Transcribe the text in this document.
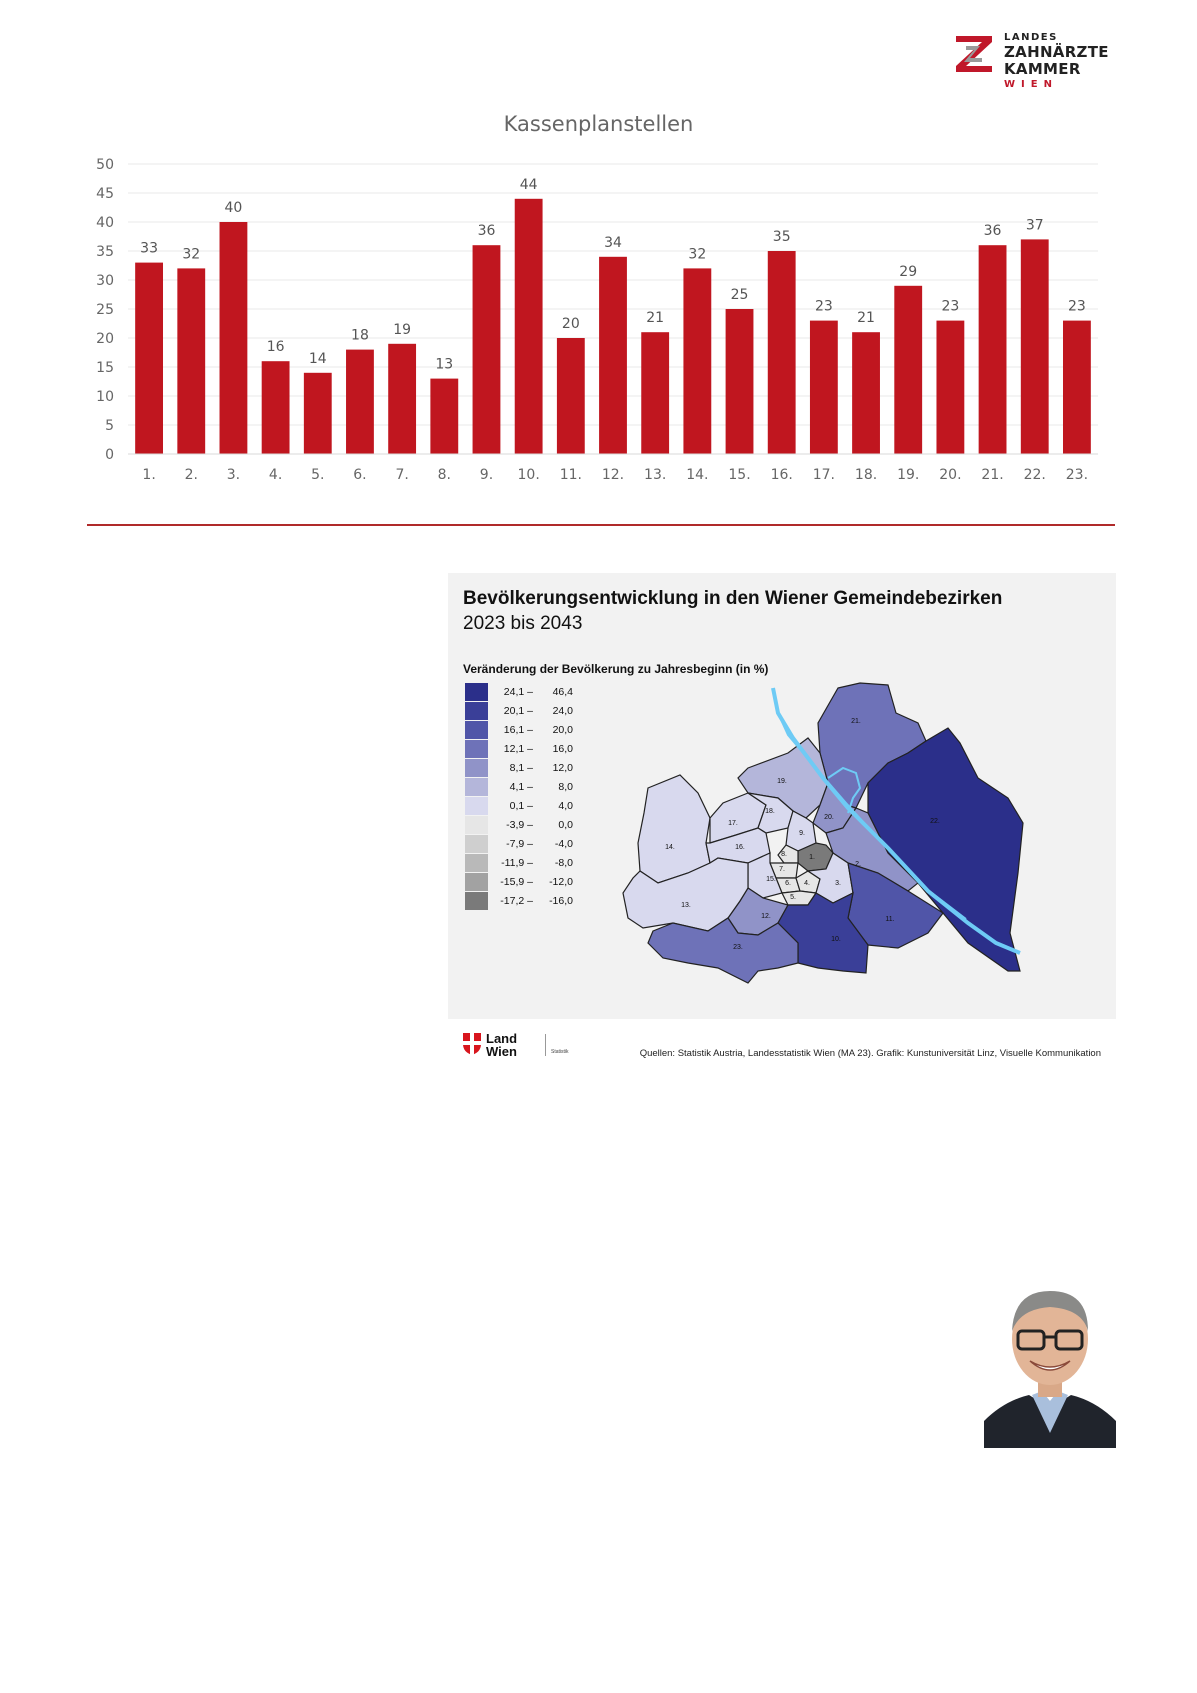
LANDES
ZAHNÄRZTE
KAMMER
WIEN
Kassenplanstellen
0
5
10
15
20
25
30
35
40
45
50
33
1.
32
2.
40
3.
16
4.
14
5.
18
6.
19
7.
13
8.
36
9.
44
10.
20
11.
34
12.
21
13.
32
14.
25
15.
35
16.
23
17.
21
18.
29
19.
23
20.
36
21.
37
22.
23
23.
Bevölkerungsentwicklung in den Wiener Gemeindebezirken
2023 bis 2043
Veränderung der Bevölkerung zu Jahresbeginn (in %)
24,1 –	46,4
20,1 –	24,0
16,1 –	20,0
12,1 –	16,0
8,1 –	12,0
4,1 –	8,0
0,1 –	4,0
-3,9 –	0,0
-7,9 –	-4,0
-11,9 –	-8,0
-15,9 –	-12,0
-17,2 –	-16,0
1.
2.
3.
4.
5.
6.
7.
8.
9.
10.
11.
12.
13.
14.
15.
16.
17.
18.
19.
20.
21.
22.
23.
Land
Wien	Statistik	Quellen: Statistik Austria, Landesstatistik Wien (MA 23). Grafik: Kunstuniversität Linz, Visuelle Kommunikation
